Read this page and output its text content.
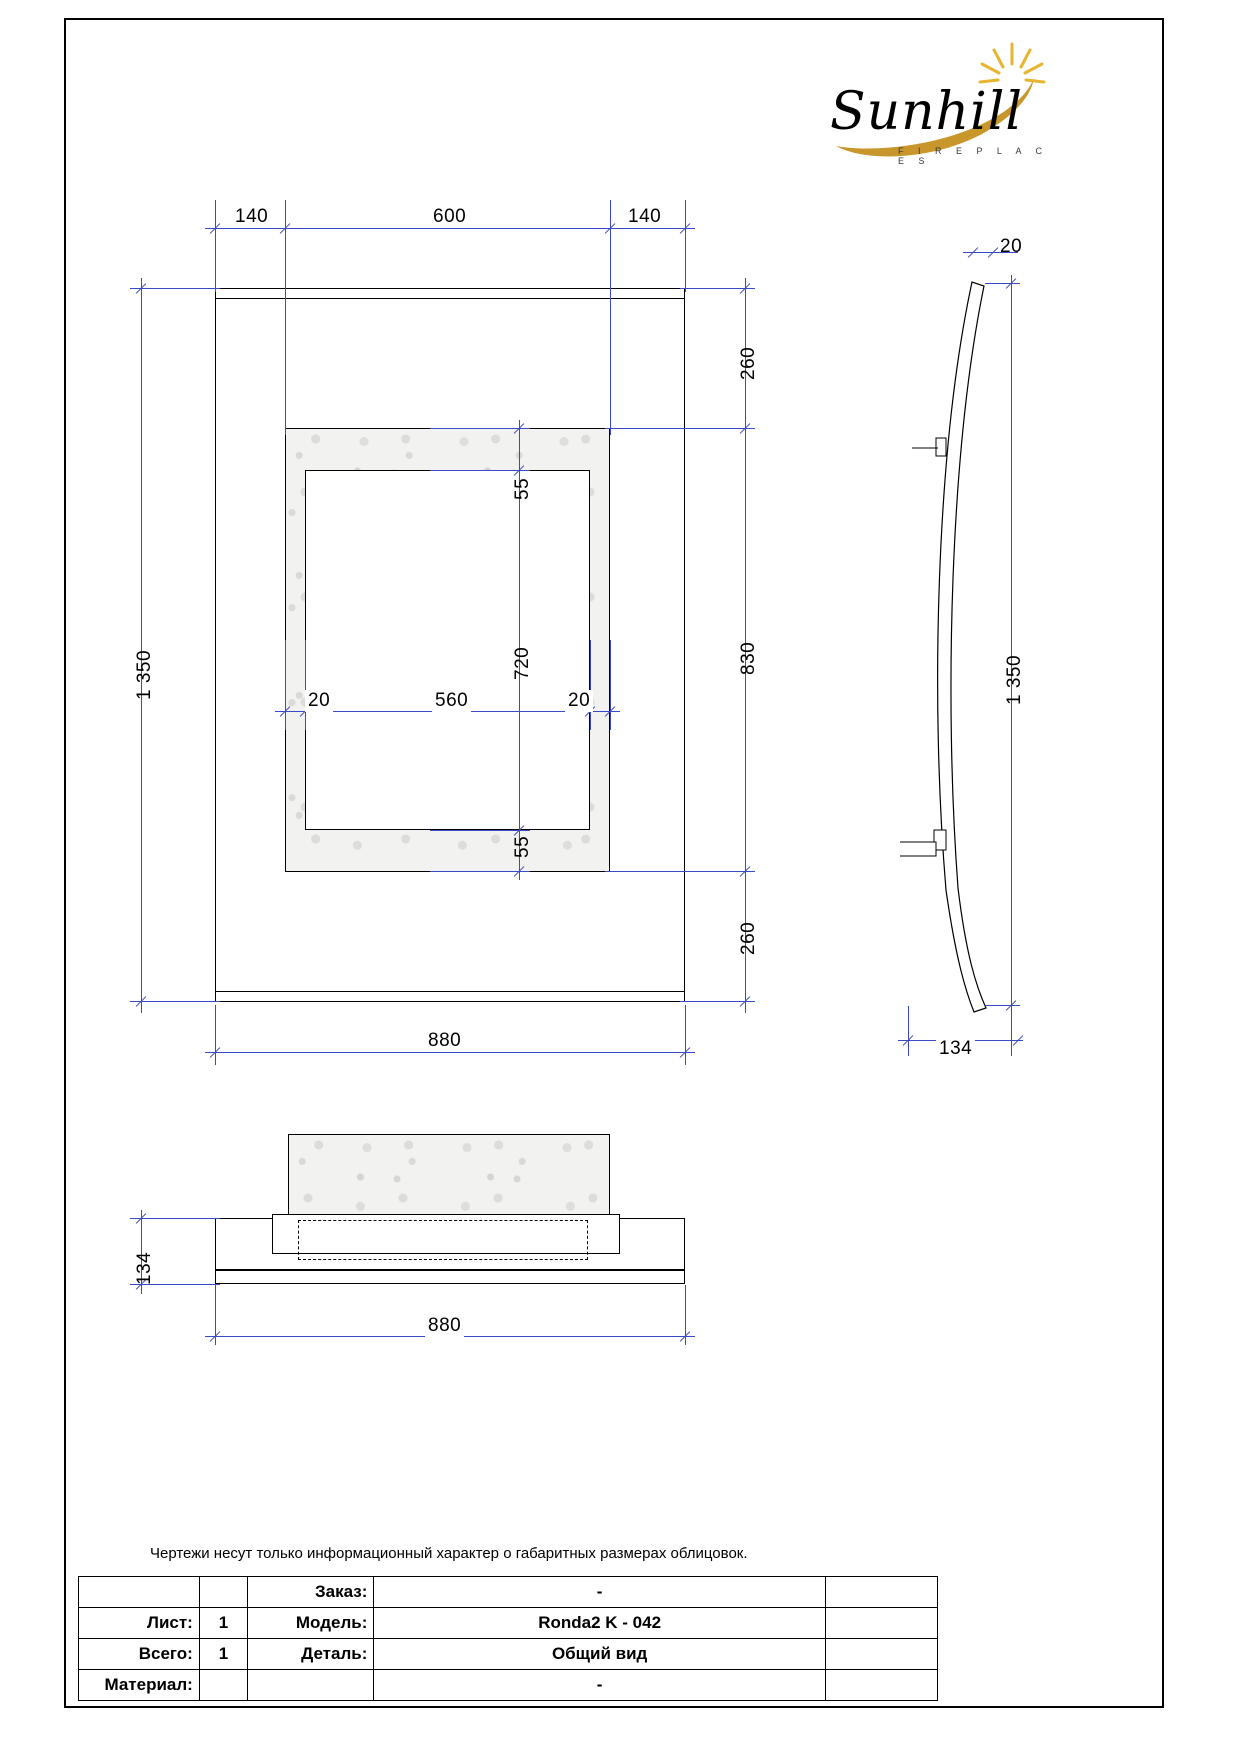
Sunhill
F I R E P L A C E S
140	600	140
1 350
260
830
260
55
720
55
20	560	20
880
20
1 350
134
134
880
Чертежи несут только информационный характер о габаритных размерах облицовок.
		Заказ:	-	
Лист:	1	Модель:	Ronda2 K - 042	
Всего:	1	Деталь:	Общий вид	
Материал:			-	
